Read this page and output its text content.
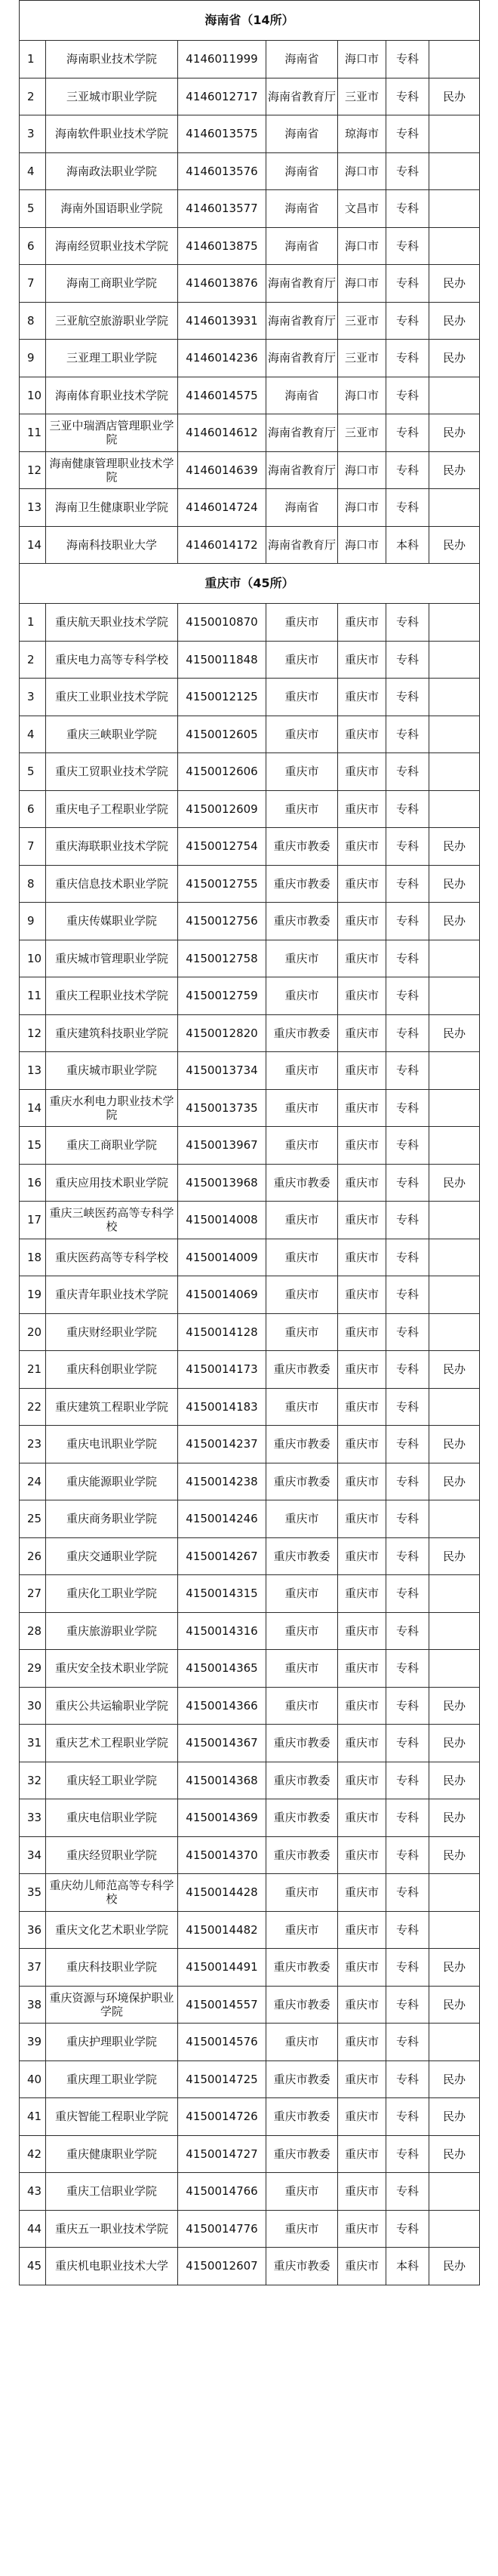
海南省（14所）						
1	海南职业技术学院	4146011999	海南省	海口市	专科	
2	三亚城市职业学院	4146012717	海南省教育厅	三亚市	专科	民办
3	海南软件职业技术学院	4146013575	海南省	琼海市	专科	
4	海南政法职业学院	4146013576	海南省	海口市	专科	
5	海南外国语职业学院	4146013577	海南省	文昌市	专科	
6	海南经贸职业技术学院	4146013875	海南省	海口市	专科	
7	海南工商职业学院	4146013876	海南省教育厅	海口市	专科	民办
8	三亚航空旅游职业学院	4146013931	海南省教育厅	三亚市	专科	民办
9	三亚理工职业学院	4146014236	海南省教育厅	三亚市	专科	民办
10	海南体育职业技术学院	4146014575	海南省	海口市	专科	
11	三亚中瑞酒店管理职业学院	4146014612	海南省教育厅	三亚市	专科	民办
12	海南健康管理职业技术学院	4146014639	海南省教育厅	海口市	专科	民办
13	海南卫生健康职业学院	4146014724	海南省	海口市	专科	
14	海南科技职业大学	4146014172	海南省教育厅	海口市	本科	民办
重庆市（45所）						
1	重庆航天职业技术学院	4150010870	重庆市	重庆市	专科	
2	重庆电力高等专科学校	4150011848	重庆市	重庆市	专科	
3	重庆工业职业技术学院	4150012125	重庆市	重庆市	专科	
4	重庆三峡职业学院	4150012605	重庆市	重庆市	专科	
5	重庆工贸职业技术学院	4150012606	重庆市	重庆市	专科	
6	重庆电子工程职业学院	4150012609	重庆市	重庆市	专科	
7	重庆海联职业技术学院	4150012754	重庆市教委	重庆市	专科	民办
8	重庆信息技术职业学院	4150012755	重庆市教委	重庆市	专科	民办
9	重庆传媒职业学院	4150012756	重庆市教委	重庆市	专科	民办
10	重庆城市管理职业学院	4150012758	重庆市	重庆市	专科	
11	重庆工程职业技术学院	4150012759	重庆市	重庆市	专科	
12	重庆建筑科技职业学院	4150012820	重庆市教委	重庆市	专科	民办
13	重庆城市职业学院	4150013734	重庆市	重庆市	专科	
14	重庆水利电力职业技术学院	4150013735	重庆市	重庆市	专科	
15	重庆工商职业学院	4150013967	重庆市	重庆市	专科	
16	重庆应用技术职业学院	4150013968	重庆市教委	重庆市	专科	民办
17	重庆三峡医药高等专科学校	4150014008	重庆市	重庆市	专科	
18	重庆医药高等专科学校	4150014009	重庆市	重庆市	专科	
19	重庆青年职业技术学院	4150014069	重庆市	重庆市	专科	
20	重庆财经职业学院	4150014128	重庆市	重庆市	专科	
21	重庆科创职业学院	4150014173	重庆市教委	重庆市	专科	民办
22	重庆建筑工程职业学院	4150014183	重庆市	重庆市	专科	
23	重庆电讯职业学院	4150014237	重庆市教委	重庆市	专科	民办
24	重庆能源职业学院	4150014238	重庆市教委	重庆市	专科	民办
25	重庆商务职业学院	4150014246	重庆市	重庆市	专科	
26	重庆交通职业学院	4150014267	重庆市教委	重庆市	专科	民办
27	重庆化工职业学院	4150014315	重庆市	重庆市	专科	
28	重庆旅游职业学院	4150014316	重庆市	重庆市	专科	
29	重庆安全技术职业学院	4150014365	重庆市	重庆市	专科	
30	重庆公共运输职业学院	4150014366	重庆市	重庆市	专科	民办
31	重庆艺术工程职业学院	4150014367	重庆市教委	重庆市	专科	民办
32	重庆轻工职业学院	4150014368	重庆市教委	重庆市	专科	民办
33	重庆电信职业学院	4150014369	重庆市教委	重庆市	专科	民办
34	重庆经贸职业学院	4150014370	重庆市教委	重庆市	专科	民办
35	重庆幼儿师范高等专科学校	4150014428	重庆市	重庆市	专科	
36	重庆文化艺术职业学院	4150014482	重庆市	重庆市	专科	
37	重庆科技职业学院	4150014491	重庆市教委	重庆市	专科	民办
38	重庆资源与环境保护职业学院	4150014557	重庆市教委	重庆市	专科	民办
39	重庆护理职业学院	4150014576	重庆市	重庆市	专科	
40	重庆理工职业学院	4150014725	重庆市教委	重庆市	专科	民办
41	重庆智能工程职业学院	4150014726	重庆市教委	重庆市	专科	民办
42	重庆健康职业学院	4150014727	重庆市教委	重庆市	专科	民办
43	重庆工信职业学院	4150014766	重庆市	重庆市	专科	
44	重庆五一职业技术学院	4150014776	重庆市	重庆市	专科	
45	重庆机电职业技术大学	4150012607	重庆市教委	重庆市	本科	民办
